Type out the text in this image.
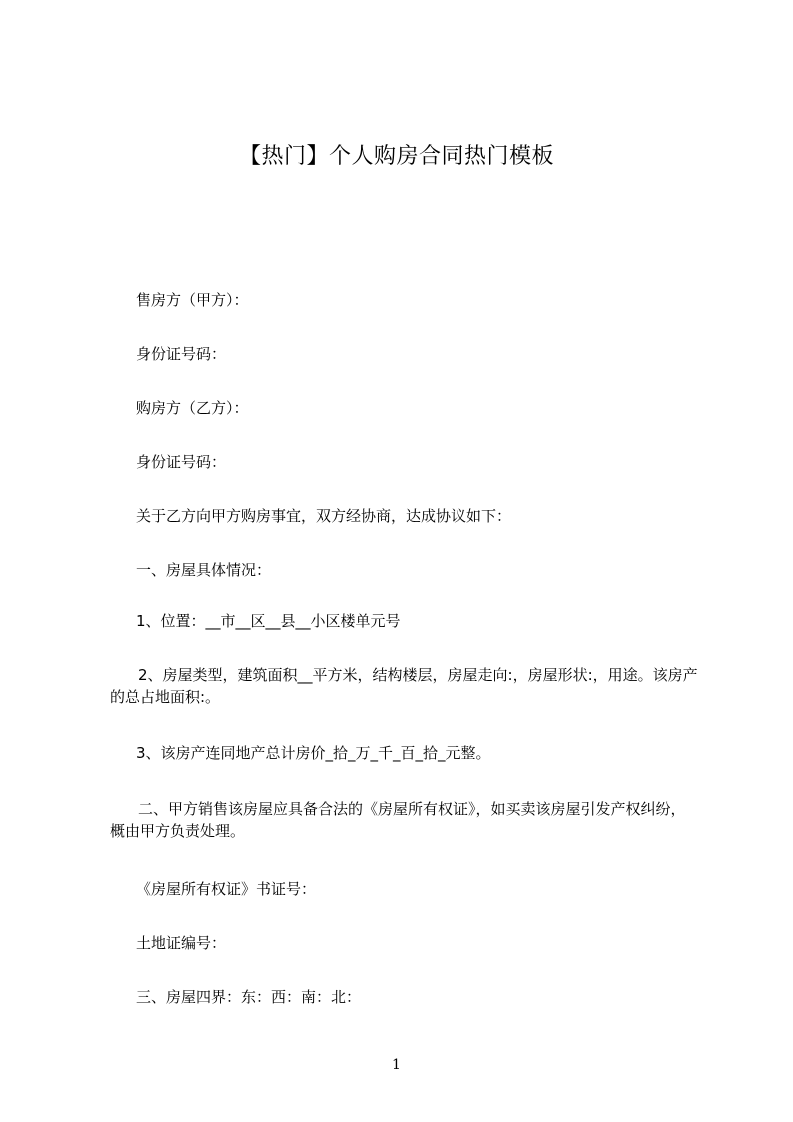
【热门】个人购房合同热门模板

售房方（甲方）：

身份证号码：

购房方（乙方）：

身份证号码：

关于乙方向甲方购房事宜，双方经协商，达成协议如下：

一、房屋具体情况：

1、位置：__市__区__县__小区楼单元号

2、房屋类型，建筑面积__平方米，结构楼层，房屋走向:，房屋形状:，用途。该房产的总占地面积:。

3、该房产连同地产总计房价_拾_万_千_百_拾_元整。

二、甲方销售该房屋应具备合法的《房屋所有权证》，如买卖该房屋引发产权纠纷，概由甲方负责处理。

《房屋所有权证》书证号：

土地证编号：

三、房屋四界：东：西：南：北：

1
